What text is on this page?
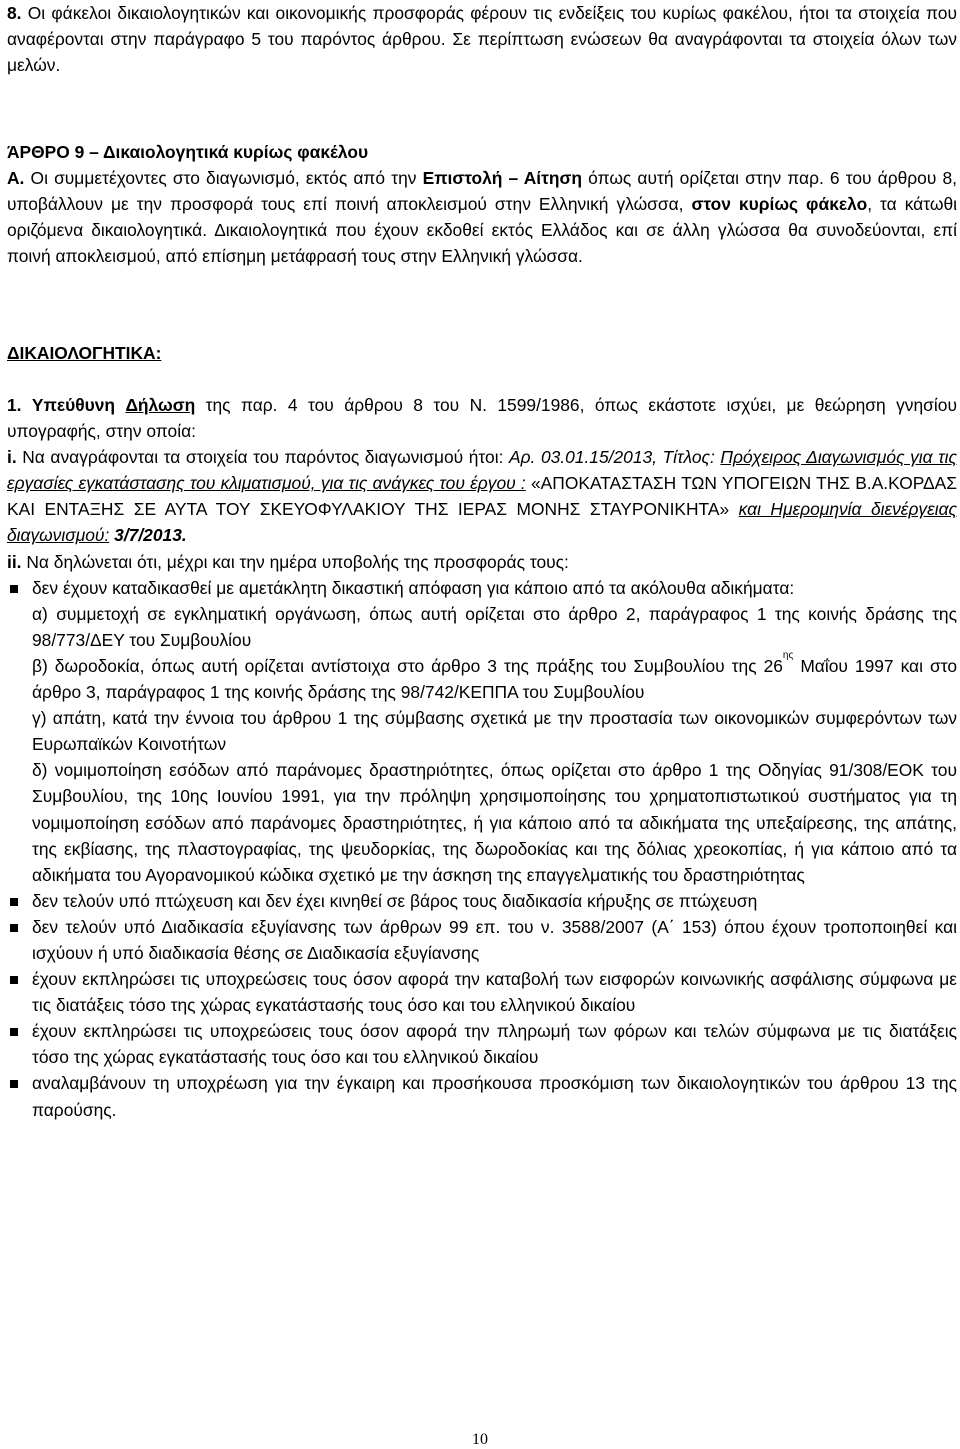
8. Οι φάκελοι δικαιολογητικών και οικονομικής προσφοράς φέρουν τις ενδείξεις του κυρίως φακέλου, ήτοι τα στοιχεία που αναφέρονται στην παράγραφο 5 του παρόντος άρθρου. Σε περίπτωση ενώσεων θα αναγράφονται τα στοιχεία όλων των μελών.

ΆΡΘΡΟ 9 – Δικαιολογητικά κυρίως φακέλου

Α. Οι συμμετέχοντες στο διαγωνισμό, εκτός από την Επιστολή – Αίτηση όπως αυτή ορίζεται στην παρ. 6 του άρθρου 8, υποβάλλουν με την προσφορά τους επί ποινή αποκλεισμού στην Ελληνική γλώσσα, στον κυρίως φάκελο, τα κάτωθι οριζόμενα δικαιολογητικά. Δικαιολογητικά που έχουν εκδοθεί εκτός Ελλάδος και σε άλλη γλώσσα θα συνοδεύονται, επί ποινή αποκλεισμού, από επίσημη μετάφρασή τους στην Ελληνική γλώσσα.

ΔΙΚΑΙΟΛΟΓΗΤΙΚΑ:

1. Υπεύθυνη Δήλωση της παρ. 4 του άρθρου 8 του Ν. 1599/1986, όπως εκάστοτε ισχύει, με θεώρηση γνησίου υπογραφής, στην οποία:

i. Να αναγράφονται τα στοιχεία του παρόντος διαγωνισμού ήτοι: Αρ. 03.01.15/2013, Τίτλος: Πρόχειρος Διαγωνισμός για τις εργασίες εγκατάστασης του κλιματισμού, για τις ανάγκες του έργου : «ΑΠΟΚΑΤΑΣΤΑΣΗ ΤΩΝ ΥΠΟΓΕΙΩΝ ΤΗΣ Β.Α.ΚΟΡΔΑΣ ΚΑΙ ΕΝΤΑΞΗΣ ΣΕ ΑΥΤΑ ΤΟΥ ΣΚΕΥΟΦΥΛΑΚΙΟΥ ΤΗΣ ΙΕΡΑΣ ΜΟΝΗΣ ΣΤΑΥΡΟΝΙΚΗΤΑ» και Ημερομηνία διενέργειας διαγωνισμού: 3/7/2013.

ii. Να δηλώνεται ότι, μέχρι και την ημέρα υποβολής της προσφοράς τους:

δεν έχουν καταδικασθεί με αμετάκλητη δικαστική απόφαση για κάποιο από τα ακόλουθα αδικήματα:

α) συμμετοχή σε εγκληματική οργάνωση, όπως αυτή ορίζεται στο άρθρο 2, παράγραφος 1 της κοινής δράσης της 98/773/ΔΕΥ του Συμβουλίου

β) δωροδοκία, όπως αυτή ορίζεται αντίστοιχα στο άρθρο 3 της πράξης του Συμβουλίου της $26^{\eta\varsigma}$ Μαΐου 1997 και στο άρθρο 3, παράγραφος 1 της κοινής δράσης της 98/742/ΚΕΠΠΑ του Συμβουλίου

γ) απάτη, κατά την έννοια του άρθρου 1 της σύμβασης σχετικά με την προστασία των οικονομικών συμφερόντων των Ευρωπαϊκών Κοινοτήτων

δ) νομιμοποίηση εσόδων από παράνομες δραστηριότητες, όπως ορίζεται στο άρθρο 1 της Οδηγίας 91/308/ΕΟΚ του Συμβουλίου, της 10ης Ιουνίου 1991, για την πρόληψη χρησιμοποίησης του χρηματοπιστωτικού συστήματος για τη νομιμοποίηση εσόδων από παράνομες δραστηριότητες, ή για κάποιο από τα αδικήματα της υπεξαίρεσης, της απάτης, της εκβίασης, της πλαστογραφίας, της ψευδορκίας, της δωροδοκίας και της δόλιας χρεοκοπίας, ή για κάποιο από τα αδικήματα του Αγορανομικού κώδικα σχετικό με την άσκηση της επαγγελματικής του δραστηριότητας

δεν τελούν υπό πτώχευση και δεν έχει κινηθεί σε βάρος τους διαδικασία κήρυξης σε πτώχευση

δεν τελούν υπό Διαδικασία εξυγίανσης των άρθρων 99 επ. του ν. 3588/2007 (Α΄ 153) όπου έχουν τροποποιηθεί και ισχύουν ή υπό διαδικασία θέσης σε Διαδικασία εξυγίανσης

έχουν εκπληρώσει τις υποχρεώσεις τους όσον αφορά την καταβολή των εισφορών κοινωνικής ασφάλισης σύμφωνα με τις διατάξεις τόσο της χώρας εγκατάστασής τους όσο και του ελληνικού δικαίου

έχουν εκπληρώσει τις υποχρεώσεις τους όσον αφορά την πληρωμή των φόρων και τελών σύμφωνα με τις διατάξεις τόσο της χώρας εγκατάστασής τους όσο και του ελληνικού δικαίου

αναλαμβάνουν τη υποχρέωση για την έγκαιρη και προσήκουσα προσκόμιση των δικαιολογητικών του άρθρου 13 της παρούσης.

10
